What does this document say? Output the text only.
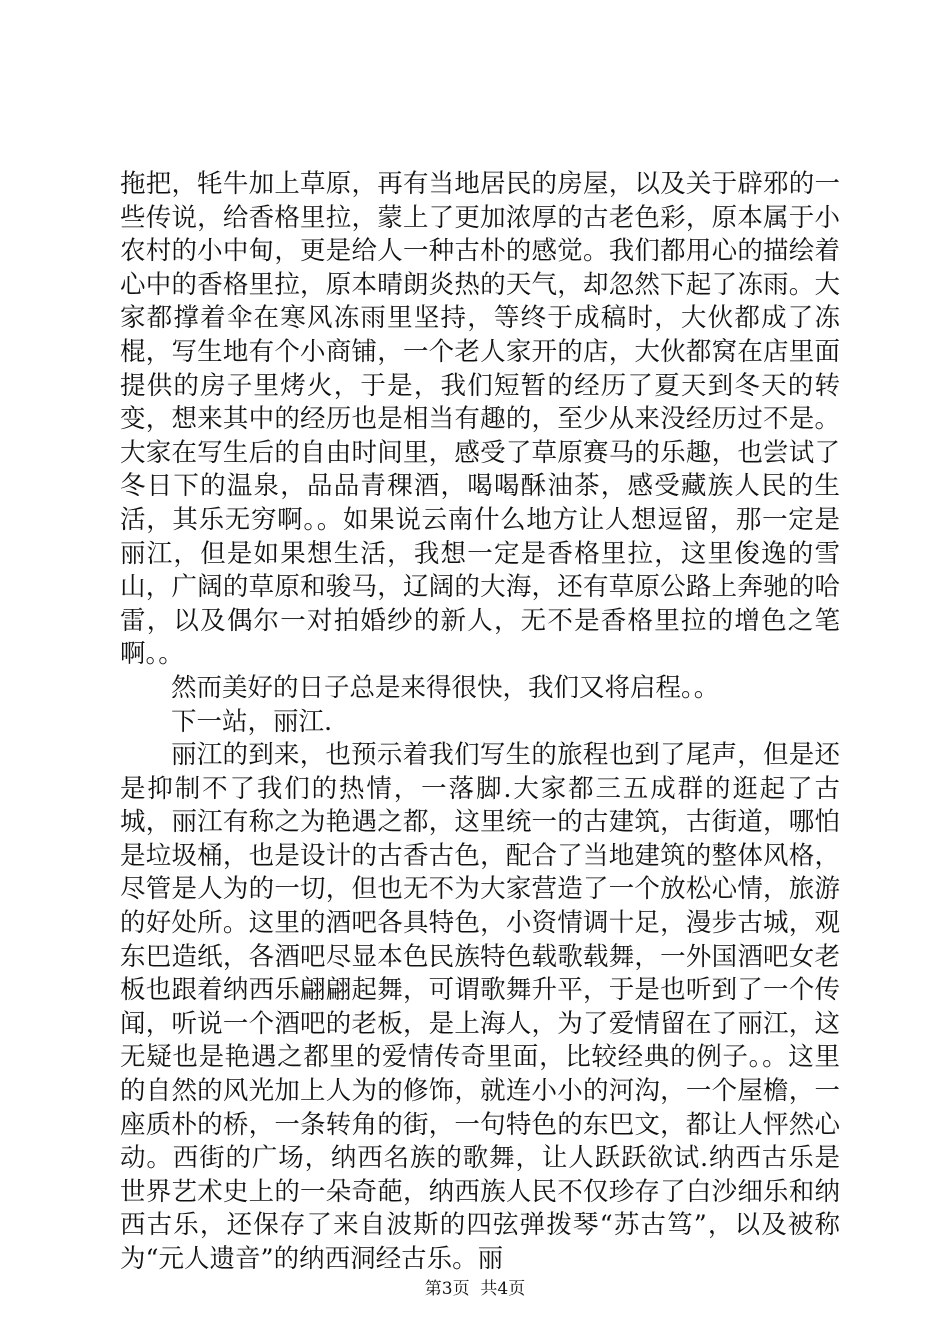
拖把，牦牛加上草原，再有当地居民的房屋，以及关于辟邪的一些传说，给香格里拉，蒙上了更加浓厚的古老色彩，原本属于小农村的小中甸，更是给人一种古朴的感觉。我们都用心的描绘着心中的香格里拉，原本晴朗炎热的天气，却忽然下起了冻雨。大家都撑着伞在寒风冻雨里坚持，等终于成稿时，大伙都成了冻棍，写生地有个小商铺，一个老人家开的店，大伙都窝在店里面提供的房子里烤火，于是，我们短暂的经历了夏天到冬天的转变，想来其中的经历也是相当有趣的，至少从来没经历过不是。大家在写生后的自由时间里，感受了草原赛马的乐趣，也尝试了冬日下的温泉，品品青稞酒，喝喝酥油茶，感受藏族人民的生活，其乐无穷啊。。如果说云南什么地方让人想逗留，那一定是丽江，但是如果想生活，我想一定是香格里拉，这里俊逸的雪山，广阔的草原和骏马，辽阔的大海，还有草原公路上奔驰的哈雷，以及偶尔一对拍婚纱的新人，无不是香格里拉的增色之笔啊。。

然而美好的日子总是来得很快，我们又将启程。。

下一站，丽江.

丽江的到来，也预示着我们写生的旅程也到了尾声，但是还是抑制不了我们的热情，一落脚.大家都三五成群的逛起了古城，丽江有称之为艳遇之都，这里统一的古建筑，古街道，哪怕是垃圾桶，也是设计的古香古色，配合了当地建筑的整体风格，尽管是人为的一切，但也无不为大家营造了一个放松心情，旅游的好处所。这里的酒吧各具特色，小资情调十足，漫步古城，观东巴造纸，各酒吧尽显本色民族特色载歌载舞，一外国酒吧女老板也跟着纳西乐翩翩起舞，可谓歌舞升平，于是也听到了一个传闻，听说一个酒吧的老板，是上海人，为了爱情留在了丽江，这无疑也是艳遇之都里的爱情传奇里面，比较经典的例子。。这里的自然的风光加上人为的修饰，就连小小的河沟，一个屋檐，一座质朴的桥，一条转角的街，一句特色的东巴文，都让人怦然心动。西街的广场，纳西名族的歌舞，让人跃跃欲试.纳西古乐是世界艺术史上的一朵奇葩，纳西族人民不仅珍存了白沙细乐和纳西古乐，还保存了来自波斯的四弦弹拨琴“苏古笃”，以及被称为“元人遗音”的纳西洞经古乐。丽

第3页 共4页
